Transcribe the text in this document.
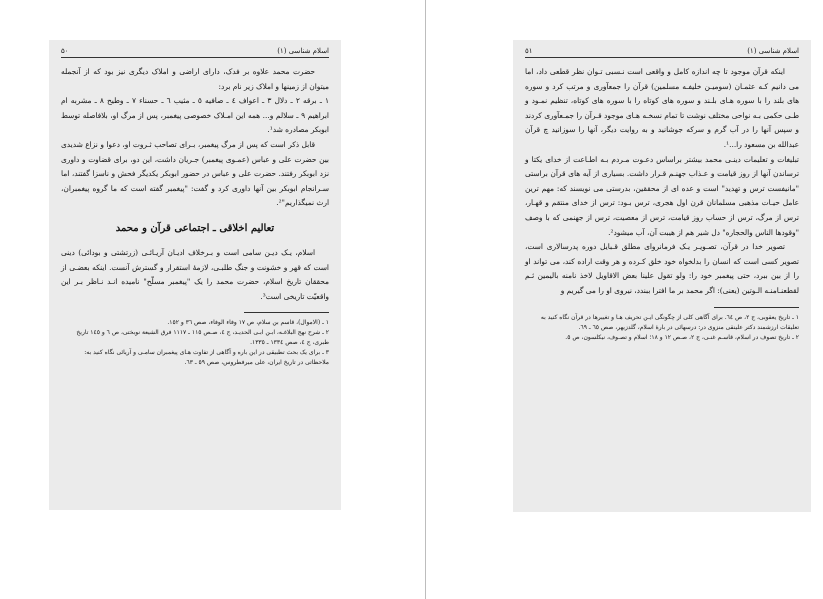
اسلام شناسی (۱)
۵۰

حضرت محمد علاوه بر فدک، دارای اراضی و املاک دیگری نیز بود که از آنجمله میتوان از زمینها و املاک زیر نام برد:

۱ ـ برقه ۲ ـ دلال ۳ ـ اعواف ٤ ـ صافیه ٥ ـ مثیب ٦ ـ حسناء ۷ ـ وطیح ۸ ـ مشربه ام ابراهیم ۹ ـ سلالم و... همه این امـلاک خصوصی پیغمبر، پس از مرگ او، بلافاصله توسط ابوبکر مصادره شد¹.

قابل ذکر است که پس از مرگ پیغمبر، بـرای تصاحب ثـروت او، دعوا و نزاع شدیدی بین حضرت علی و عباس (عمـوی پیغمبر) جـریان داشت، این دو، برای قضاوت و داوری نزد ابوبکر رفتند. حضرت علی و عباس در حضور ابوبکر یکدیگر فحش و ناسزا گفتند، اما سـرانجام ابوبکر بین آنها داوری کرد و گفت: "پیغمبر گفته است که ما گروه پیغمبران، ارث نمیگذاریم"².

تعالیم اخلاقی ـ اجتماعی قرآن و محمد

اسلام، یـک دیـن سامی است و بـرخلاف ادیـان آریـائـی (زرتشتی و بودائی) دینی است که قهر و خشونت و جنگ طلبـی، لازمهٔ استقرار و گسترش آنست. اینکه بعضـی از محققان تاریخ اسلام، حضرت محمد را یک "پیغمبر مسلّح" نامیده انـد نـاظر بـر این واقعیّت تاریخی است³.

۱ ـ (الاموال)، قاسم بن سلام، ص ۱۷ وفاء الوفاء، صص ۳٦ و ۱٥۲.

۲ ـ شرح نهج البلاغـه، ابـن ابـی الحدیـد، ج ٤، صـص ۱۱٥ ـ ۱۱۱۷ فرق الشیعة نوبختی، ص ٦ و ۱٤٥ تاریخ طبری، ج ٤، صص ۱۳۳٤ ـ ۱۳۳٥.

۳ ـ برای یک بحث تطبیقی در این باره و آگاهی از تفاوت هـای پیغمبران سامـی و آریائی نگاه کنید به: ملاحظاتی در تاریخ ایران، علی میرفطروس، صص ٥۹ ـ ٦۳.

اسلام شناسی (۱)
٥۱

اینکه قرآن موجود تا چه اندازه کامل و واقعی است نـسبی تـوان نظر قطعی داد، اما می دانیم کـه عثمـان (سومیـن خلیفـه مسلمین) قرآن را جمعآوری و مرتب کرد و سوره های بلند را با سوره هـای بلـند و سوره های کوتاه را با سوره های کوتاه، تنظیم نمـود و طـی حکمی بـه نواحی مختلف نوشت تا تمام نسخـه هـای موجود قـرآن را جمـعآوری کردند و سپس آنها را در آب گرم و سرکه جوشانید و به روایت دیگر، آنها را سوزانید چ قرآن عبدالله بن مسعود را...¹.

تبلیغات و تعلیمات دینـی محمد بیشتر براساس دعـوت مـردم بـه اطـاعت از خدای یکتا و ترساندن آنها از روز قیامت و عـذاب جهنـم قـرار داشت. بسیاری از آیه های قرآن براستی "مانیفست ترس و تهدید" است و عده ای از محققین، بدرستی می نویسند که: مهم ترین عامل حیـات مذهبی مسلمانان قرن اول هجری، ترس بـود: ترس از خدای منتقم و قهـار، ترس از مرگ، ترس از حساب روز قیامت، ترس از معصیت، ترس از جهنمی که با وصف "وقودها الناس والحجاره" دل شیر هم از هیبت آن، آب میشود².

تصویر خدا در قرآن، تصـویـر یـک فرمانروای مطلق قـبایل دوره پدرسالاری است، تصویر کسی است که انسان را بدلخواه خود خلق کـرده و هر وقت اراده کند، می تواند او را از بین ببرد، حتی پیغمبر خود را: ولو تقول علینا بعض الاقاویل لاخذ نامنه بالیمین ثـم لقطعنـامنـه الـوتین (یعنی): اگر محمد بر ما افترا ببندد، نیروی او را می گیریم و

۱ ـ تاریخ یعقوبی، ج ۲، ص ٦٤. برای آگاهی کلی از چگونگی ایـن تحریف هـا و تغییرها در قرآن نگاه کنید به تعلیقات ارزشمند دکتر علینقی منزوی در: درسهائی در بارهٔ اسلام، گلدزیهر، صص ٦٥ ـ ٦۹.

۲ ـ تاریخ تصوف در اسلام، قاسـم غنـی، ج ۲، صـص ۱۲ و ۱۸؛ اسلام و تصـوف، نیکلسون، ص ٥.
